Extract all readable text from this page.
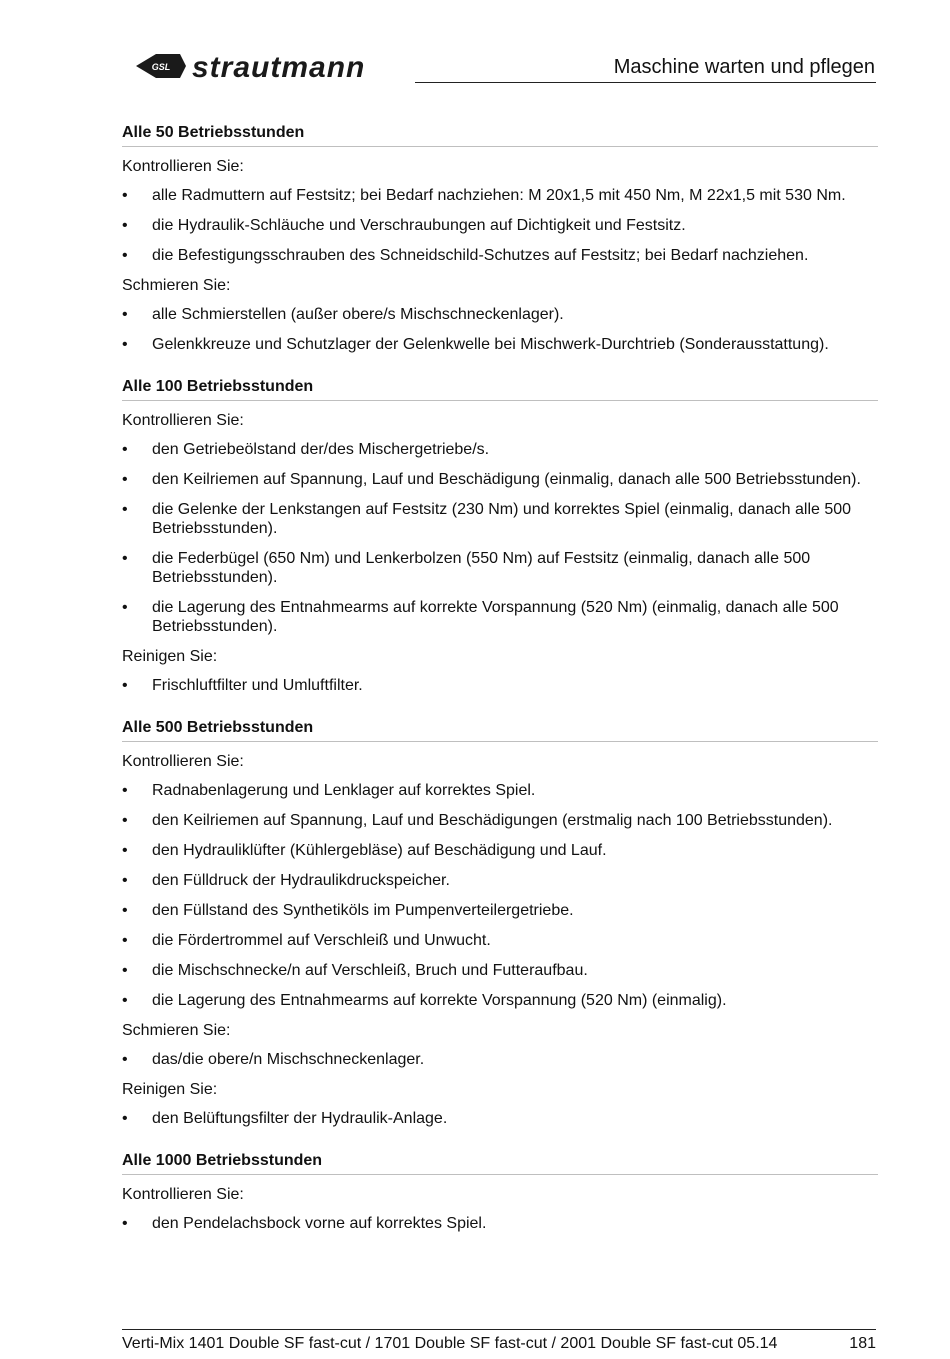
GSL strautmann	Maschine warten und pflegen
Alle 50 Betriebsstunden
Kontrollieren Sie:
• alle Radmuttern auf Festsitz; bei Bedarf nachziehen: M 20x1,5 mit 450 Nm, M 22x1,5 mit 530 Nm.
• die Hydraulik-Schläuche und Verschraubungen auf Dichtigkeit und Festsitz.
• die Befestigungsschrauben des Schneidschild-Schutzes auf Festsitz; bei Bedarf nachziehen.
Schmieren Sie:
• alle Schmierstellen (außer obere/s Mischschneckenlager).
• Gelenkkreuze und Schutzlager der Gelenkwelle bei Mischwerk-Durchtrieb (Sonderausstattung).
Alle 100 Betriebsstunden
Kontrollieren Sie:
• den Getriebeölstand der/des Mischergetriebe/s.
• den Keilriemen auf Spannung, Lauf und Beschädigung (einmalig, danach alle 500 Betriebsstunden).
• die Gelenke der Lenkstangen auf Festsitz (230 Nm) und korrektes Spiel (einmalig, danach alle 500 Betriebsstunden).
• die Federbügel (650 Nm) und Lenkerbolzen (550 Nm) auf Festsitz (einmalig, danach alle 500 Betriebsstunden).
• die Lagerung des Entnahmearms auf korrekte Vorspannung (520 Nm) (einmalig, danach alle 500 Betriebsstunden).
Reinigen Sie:
• Frischluftfilter und Umluftfilter.
Alle 500 Betriebsstunden
Kontrollieren Sie:
• Radnabenlagerung und Lenklager auf korrektes Spiel.
• den Keilriemen auf Spannung, Lauf und Beschädigungen (erstmalig nach 100 Betriebsstunden).
• den Hydrauliklüfter (Kühlergebläse) auf Beschädigung und Lauf.
• den Fülldruck der Hydraulikdruckspeicher.
• den Füllstand des Synthetiköls im Pumpenverteilergetriebe.
• die Fördertrommel auf Verschleiß und Unwucht.
• die Mischschnecke/n auf Verschleiß, Bruch und Futteraufbau.
• die Lagerung des Entnahmearms auf korrekte Vorspannung (520 Nm) (einmalig).
Schmieren Sie:
• das/die obere/n Mischschneckenlager.
Reinigen Sie:
• den Belüftungsfilter der Hydraulik-Anlage.
Alle 1000 Betriebsstunden
Kontrollieren Sie:
• den Pendelachsbock vorne auf korrektes Spiel.
Verti-Mix 1401 Double SF fast-cut / 1701 Double SF fast-cut / 2001 Double SF fast-cut 05.14	181
